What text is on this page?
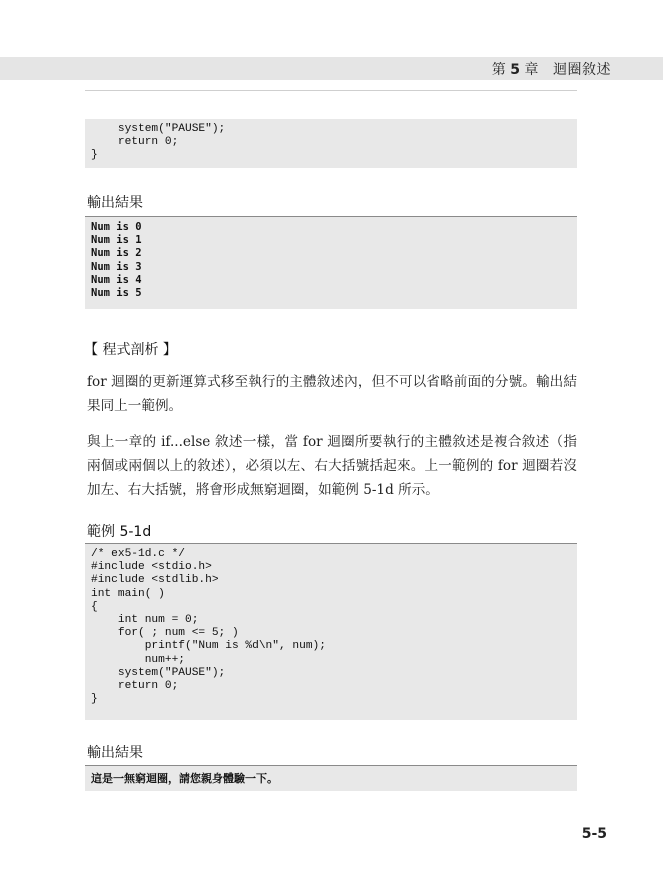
第 5 章 迴圈敘述
system("PAUSE");
return 0;
}
輸出結果
Num is 0
Num is 1
Num is 2
Num is 3
Num is 4
Num is 5
【 程式剖析 】

for 迴圈的更新運算式移至執行的主體敘述內，但不可以省略前面的分號。輸出結果同上一範例。

與上一章的 if...else 敘述一樣，當 for 迴圈所要執行的主體敘述是複合敘述（指兩個或兩個以上的敘述），必須以左、右大括號括起來。上一範例的 for 迴圈若沒加左、右大括號，將會形成無窮迴圈，如範例 5-1d 所示。

範例 5-1d
/* ex5-1d.c */
#include <stdio.h>
#include <stdlib.h>
int main( )
{
int num = 0;
for( ; num <= 5; )
printf("Num is %d\n", num);
num++;
system("PAUSE");
return 0;
}
輸出結果
這是一無窮迴圈，請您親身體驗一下。
5-5
